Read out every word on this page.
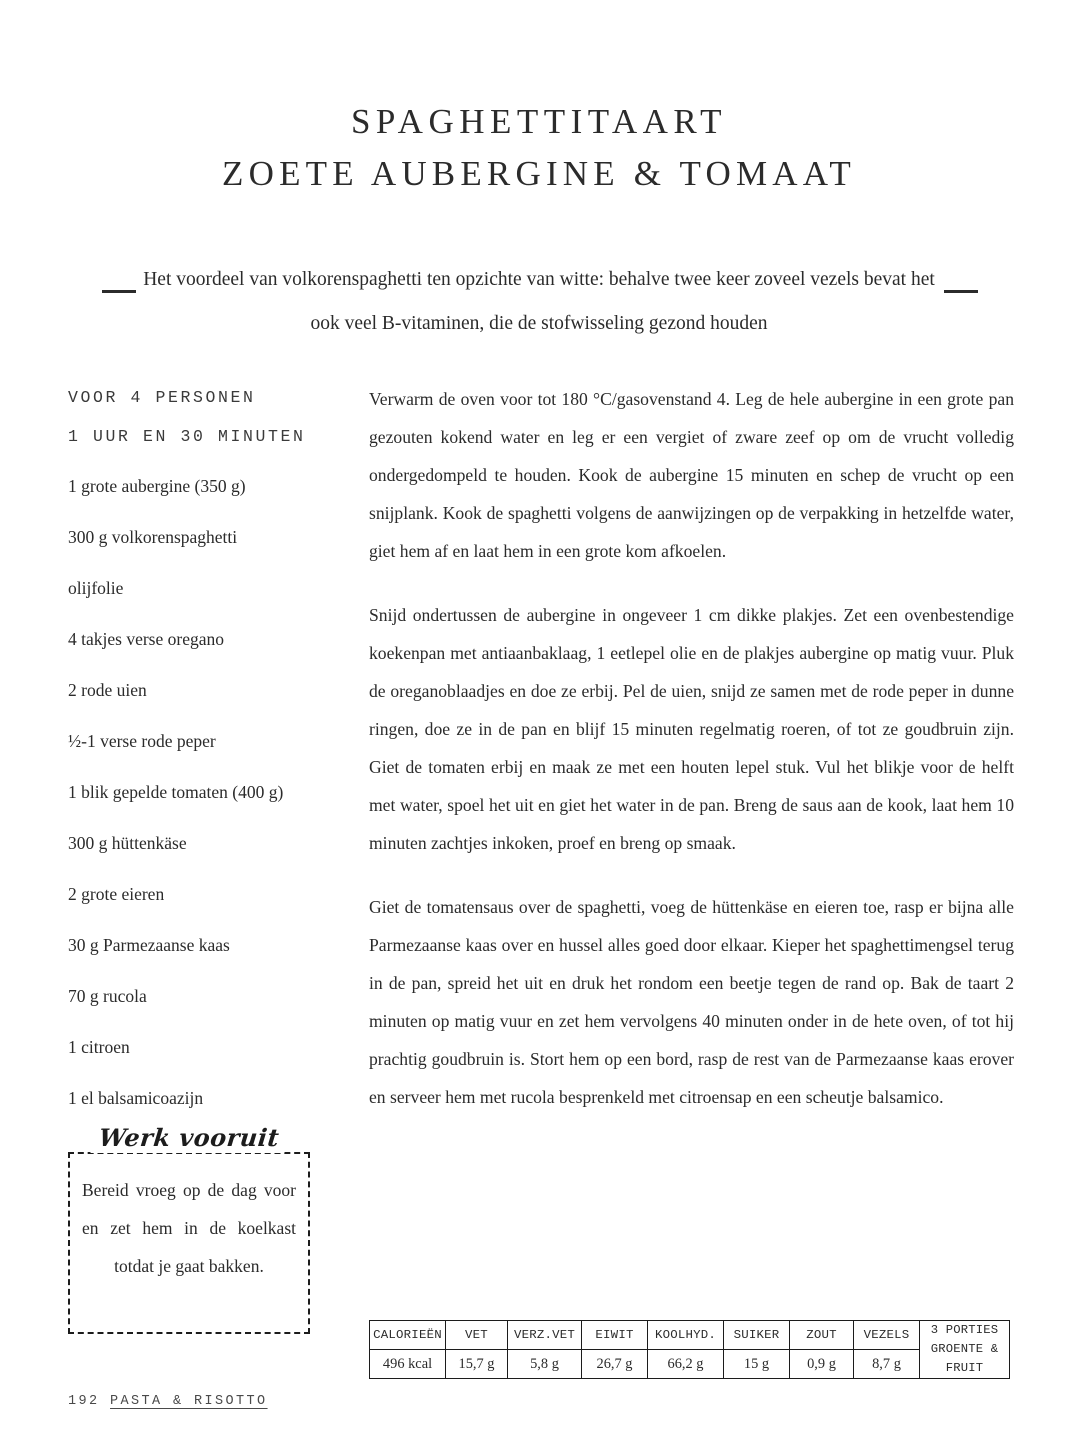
SPAGHETTITAART
ZOETE AUBERGINE & TOMAAT
Het voordeel van volkorenspaghetti ten opzichte van witte: behalve twee keer zoveel vezels bevat het ook veel B-vitaminen, die de stofwisseling gezond houden
VOOR 4 PERSONEN
1 UUR EN 30 MINUTEN
1 grote aubergine (350 g)
300 g volkorenspaghetti
olijfolie
4 takjes verse oregano
2 rode uien
½-1 verse rode peper
1 blik gepelde tomaten (400 g)
300 g hüttenkäse
2 grote eieren
30 g Parmezaanse kaas
70 g rucola
1 citroen
1 el balsamicoazijn
Werk vooruit
Bereid vroeg op de dag voor en zet hem in de koelkast totdat je gaat bakken.

Verwarm de oven voor tot 180 °C/gasovenstand 4. Leg de hele aubergine in een grote pan gezouten kokend water en leg er een vergiet of zware zeef op om de vrucht volledig ondergedompeld te houden. Kook de aubergine 15 minuten en schep de vrucht op een snijplank. Kook de spaghetti volgens de aanwijzingen op de verpakking in hetzelfde water, giet hem af en laat hem in een grote kom afkoelen.

Snijd ondertussen de aubergine in ongeveer 1 cm dikke plakjes. Zet een ovenbestendige koekenpan met antiaanbaklaag, 1 eetlepel olie en de plakjes aubergine op matig vuur. Pluk de oreganoblaadjes en doe ze erbij. Pel de uien, snijd ze samen met de rode peper in dunne ringen, doe ze in de pan en blijf 15 minuten regelmatig roeren, of tot ze goudbruin zijn. Giet de tomaten erbij en maak ze met een houten lepel stuk. Vul het blikje voor de helft met water, spoel het uit en giet het water in de pan. Breng de saus aan de kook, laat hem 10 minuten zachtjes inkoken, proef en breng op smaak.

Giet de tomatensaus over de spaghetti, voeg de hüttenkäse en eieren toe, rasp er bijna alle Parmezaanse kaas over en hussel alles goed door elkaar. Kieper het spaghettimengsel terug in de pan, spreid het uit en druk het rondom een beetje tegen de rand op. Bak de taart 2 minuten op matig vuur en zet hem vervolgens 40 minuten onder in de hete oven, of tot hij prachtig goudbruin is. Stort hem op een bord, rasp de rest van de Parmezaanse kaas erover en serveer hem met rucola besprenkeld met citroensap en een scheutje balsamico.

CALORIEËN	VET	VERZ.VET	EIWIT	KOOLHYD.	SUIKER	ZOUT	VEZELS	3 PORTIES
GROENTE & FRUIT

496 kcal	15,7 g	5,8 g	26,7 g	66,2 g	15 g	0,9 g	8,7 g	
192 PASTA & RISOTTO
